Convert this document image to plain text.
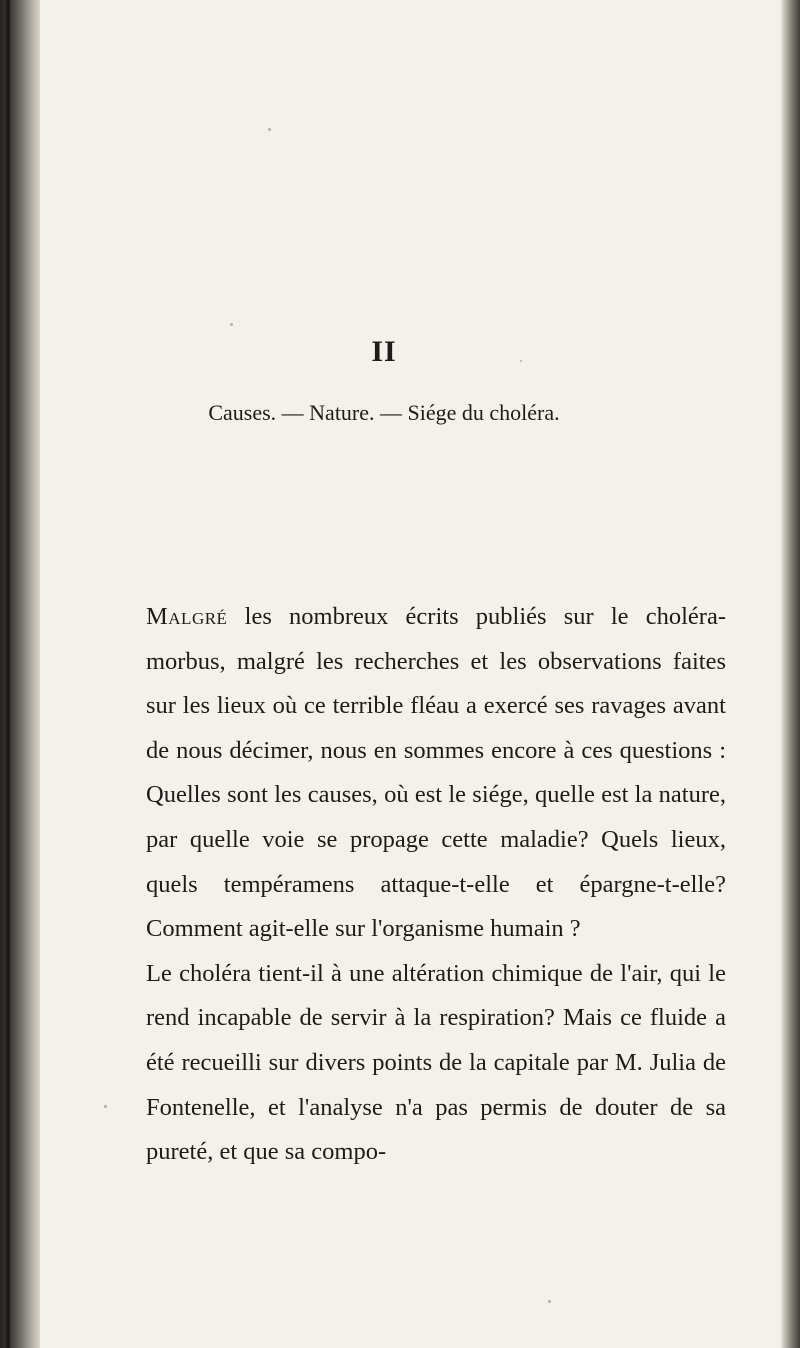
II
Causes. — Nature. — Siége du choléra.

Malgré les nombreux écrits publiés sur le choléra-morbus, malgré les recherches et les observations faites sur les lieux où ce terrible fléau a exercé ses ravages avant de nous décimer, nous en sommes encore à ces questions : Quelles sont les causes, où est le siége, quelle est la nature, par quelle voie se propage cette maladie? Quels lieux, quels tempéramens attaque-t-elle et épargne-t-elle? Comment agit-elle sur l'organisme humain ?

Le choléra tient-il à une altération chimique de l'air, qui le rend incapable de servir à la respiration? Mais ce fluide a été recueilli sur divers points de la capitale par M. Julia de Fontenelle, et l'analyse n'a pas permis de douter de sa pureté, et que sa compo-
